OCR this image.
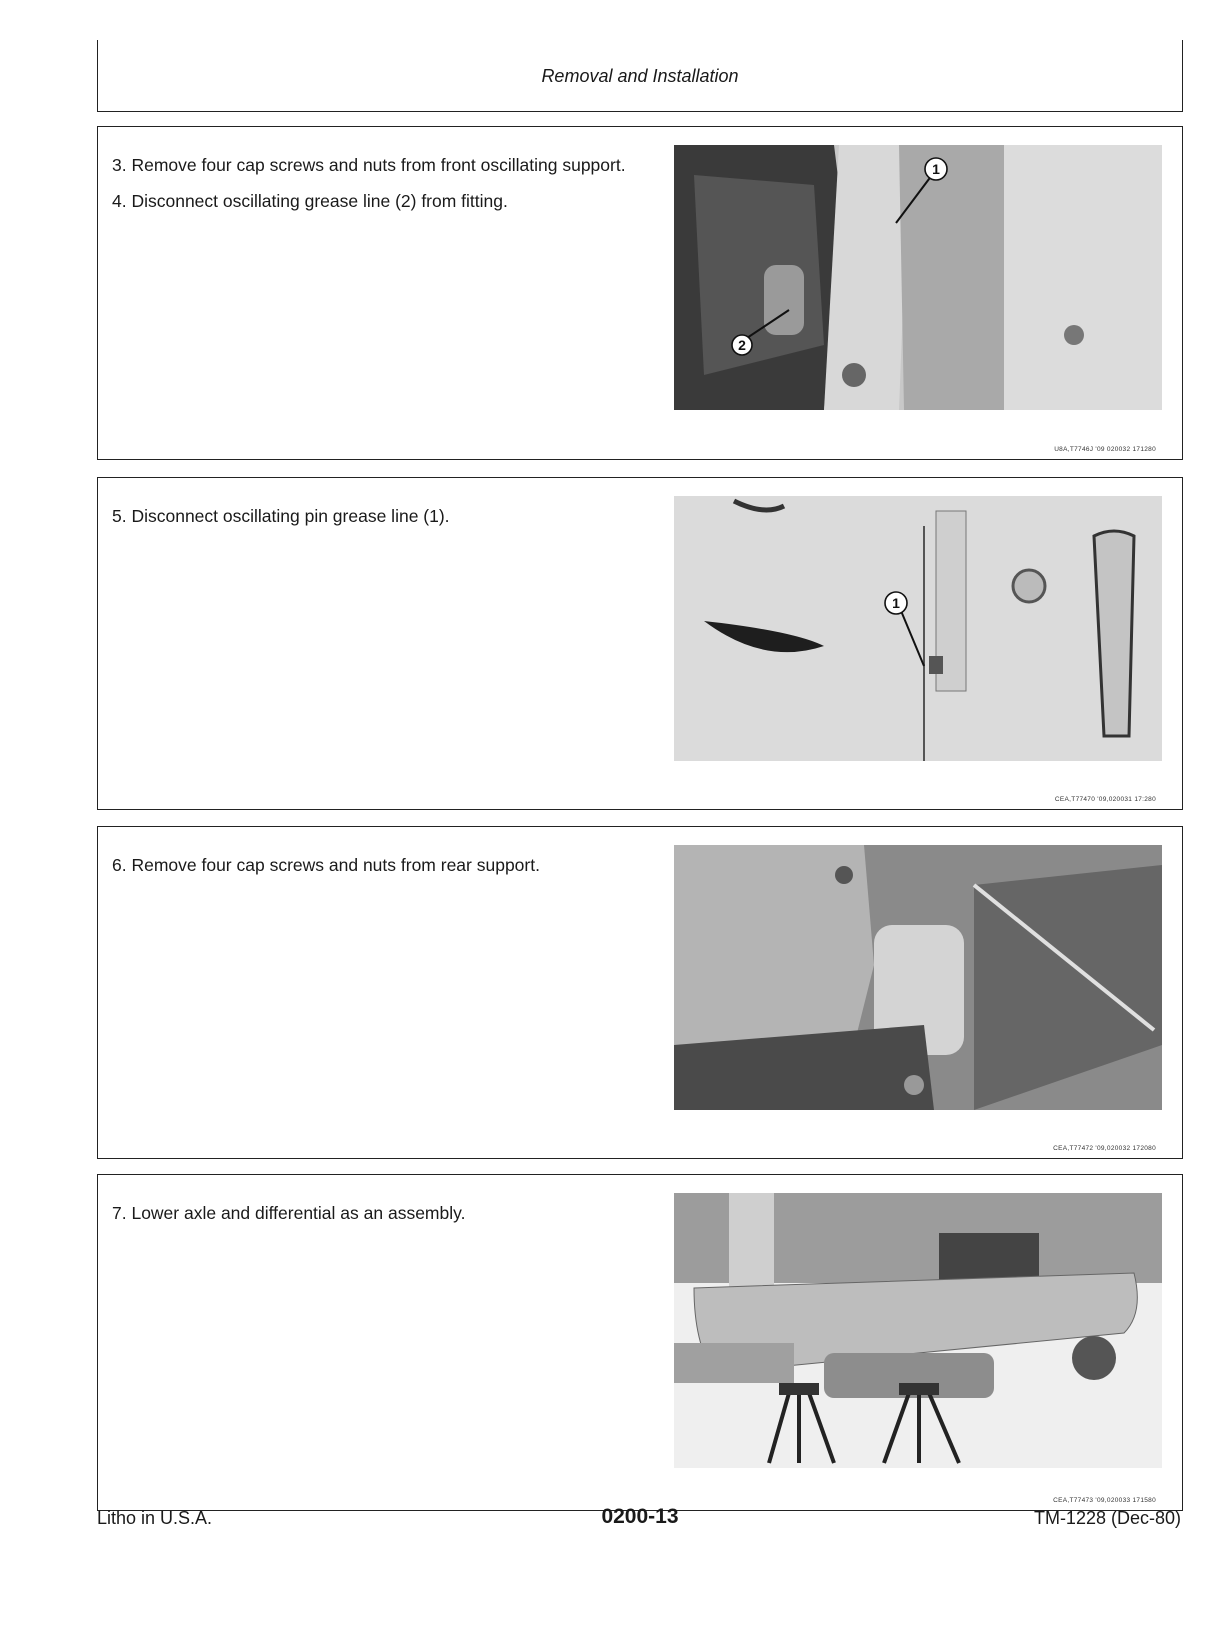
Removal and Installation
3. Remove four cap screws and nuts from front oscillating support.
4. Disconnect oscillating grease line (2) from fitting.
1
2
U8A,T7746J '09 020032 171280
5. Disconnect oscillating pin grease line (1).
1
CEA,T77470 '09,020031 17:280
6. Remove four cap screws and nuts from rear support.
CEA,T77472 '09,020032 172080
7. Lower axle and differential as an assembly.
CEA,T77473 '09,020033 171580
Litho in U.S.A.	0200-13	TM-1228 (Dec-80)
